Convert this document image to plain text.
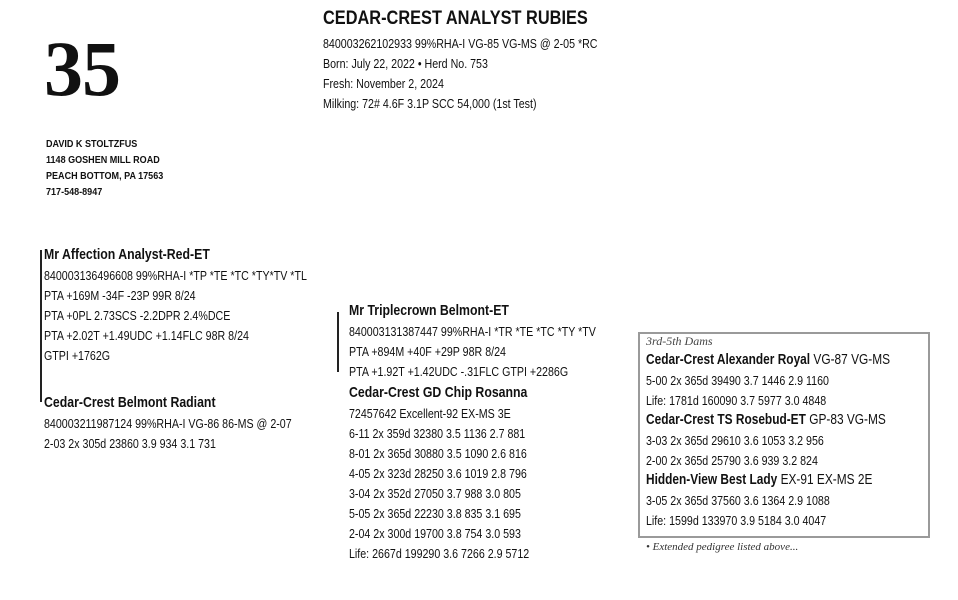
35
CEDAR-CREST ANALYST RUBIES
840003262102933 99%RHA-I VG-85 VG-MS @ 2-05 *RC
Born: July 22, 2022 • Herd No. 753
Fresh: November 2, 2024
Milking: 72# 4.6F 3.1P SCC 54,000 (1st Test)
DAVID K STOLTZFUS
1148 GOSHEN MILL ROAD
PEACH BOTTOM, PA 17563
717-548-8947
Mr Affection Analyst-Red-ET
840003136496608 99%RHA-I *TP *TE *TC *TY*TV *TL
PTA +169M -34F -23P 99R 8/24
PTA +0PL 2.73SCS -2.2DPR 2.4%DCE
PTA +2.02T +1.49UDC +1.14FLC 98R 8/24
GTPI +1762G
Cedar-Crest Belmont Radiant
840003211987124 99%RHA-I VG-86 86-MS @ 2-07
2-03 2x 305d 23860 3.9 934 3.1 731
Mr Triplecrown Belmont-ET
840003131387447 99%RHA-I *TR *TE *TC *TY *TV
PTA +894M +40F +29P 98R 8/24
PTA +1.92T +1.42UDC -.31FLC GTPI +2286G
Cedar-Crest GD Chip Rosanna
72457642 Excellent-92 EX-MS 3E
6-11 2x 359d 32380 3.5 1136 2.7 881
8-01 2x 365d 30880 3.5 1090 2.6 816
4-05 2x 323d 28250 3.6 1019 2.8 796
3-04 2x 352d 27050 3.7 988 3.0 805
5-05 2x 365d 22230 3.8 835 3.1 695
2-04 2x 300d 19700 3.8 754 3.0 593
Life: 2667d 199290 3.6 7266 2.9 5712
3rd-5th Dams
Cedar-Crest Alexander Royal VG-87 VG-MS
5-00 2x 365d 39490 3.7 1446 2.9 1160
Life: 1781d 160090 3.7 5977 3.0 4848
Cedar-Crest TS Rosebud-ET GP-83 VG-MS
3-03 2x 365d 29610 3.6 1053 3.2 956
2-00 2x 365d 25790 3.6 939 3.2 824
Hidden-View Best Lady EX-91 EX-MS 2E
3-05 2x 365d 37560 3.6 1364 2.9 1088
Life: 1599d 133970 3.9 5184 3.0 4047
• Extended pedigree listed above...
